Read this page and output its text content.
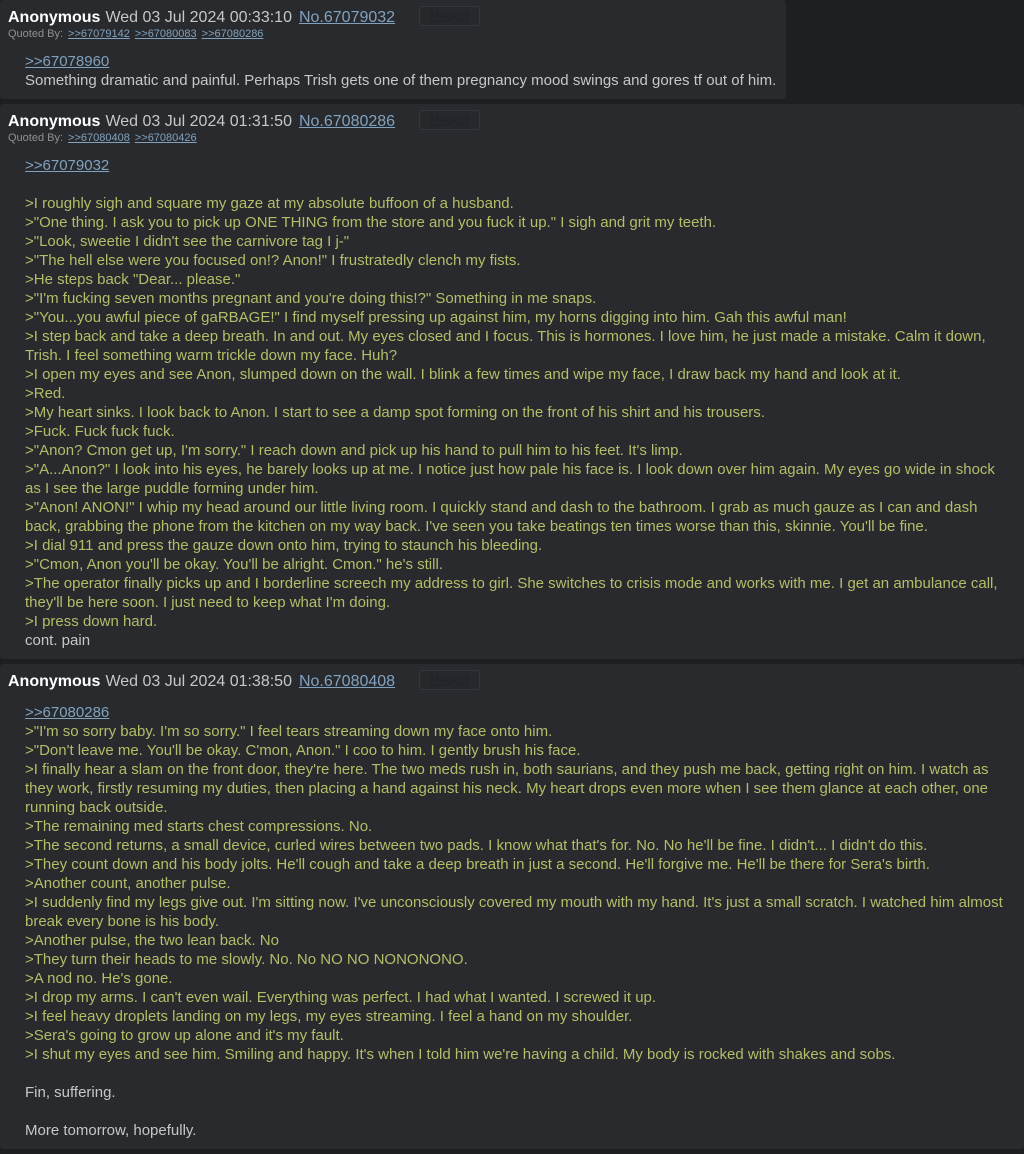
Anonymous Wed 03 Jul 2024 00:33:10 No.67079032	Report
Quoted By: >>67079142 >>67080083 >>67080286
>>67078960
Something dramatic and painful. Perhaps Trish gets one of them pregnancy mood swings and gores tf out of him.

Anonymous Wed 03 Jul 2024 01:31:50 No.67080286	Report
Quoted By: >>67080408 >>67080426
>>67079032
>I roughly sigh and square my gaze at my absolute buffoon of a husband.
>"One thing. I ask you to pick up ONE THING from the store and you fuck it up." I sigh and grit my teeth.
>"Look, sweetie I didn't see the carnivore tag I j-"
>"The hell else were you focused on!? Anon!" I frustratedly clench my fists.
>He steps back "Dear... please."
>"I'm fucking seven months pregnant and you're doing this!?" Something in me snaps.
>"You...you awful piece of gaRBAGE!" I find myself pressing up against him, my horns digging into him. Gah this awful man!
>I step back and take a deep breath. In and out. My eyes closed and I focus. This is hormones. I love him, he just made a mistake. Calm it down, Trish. I feel something warm trickle down my face. Huh?
>I open my eyes and see Anon, slumped down on the wall. I blink a few times and wipe my face, I draw back my hand and look at it.
>Red.
>My heart sinks. I look back to Anon. I start to see a damp spot forming on the front of his shirt and his trousers.
>Fuck. Fuck fuck fuck.
>"Anon? Cmon get up, I'm sorry." I reach down and pick up his hand to pull him to his feet. It's limp.
>"A...Anon?" I look into his eyes, he barely looks up at me. I notice just how pale his face is. I look down over him again. My eyes go wide in shock as I see the large puddle forming under him.
>"Anon! ANON!" I whip my head around our little living room. I quickly stand and dash to the bathroom. I grab as much gauze as I can and dash back, grabbing the phone from the kitchen on my way back. I've seen you take beatings ten times worse than this, skinnie. You'll be fine.
>I dial 911 and press the gauze down onto him, trying to staunch his bleeding.
>"Cmon, Anon you'll be okay. You'll be alright. Cmon." he's still.
>The operator finally picks up and I borderline screech my address to girl. She switches to crisis mode and works with me. I get an ambulance call, they'll be here soon. I just need to keep what I'm doing.
>I press down hard.
cont. pain

Anonymous Wed 03 Jul 2024 01:38:50 No.67080408	Report
>>67080286
>"I'm so sorry baby. I'm so sorry." I feel tears streaming down my face onto him.
>"Don't leave me. You'll be okay. C'mon, Anon." I coo to him. I gently brush his face.
>I finally hear a slam on the front door, they're here. The two meds rush in, both saurians, and they push me back, getting right on him. I watch as they work, firstly resuming my duties, then placing a hand against his neck. My heart drops even more when I see them glance at each other, one running back outside.
>The remaining med starts chest compressions. No.
>The second returns, a small device, curled wires between two pads. I know what that's for. No. No he'll be fine. I didn't... I didn't do this.
>They count down and his body jolts. He'll cough and take a deep breath in just a second. He'll forgive me. He'll be there for Sera's birth.
>Another count, another pulse.
>I suddenly find my legs give out. I'm sitting now. I've unconsciously covered my mouth with my hand. It's just a small scratch. I watched him almost break every bone is his body.
>Another pulse, the two lean back. No
>They turn their heads to me slowly. No. No NO NO NONONONO.
>A nod no. He's gone.
>I drop my arms. I can't even wail. Everything was perfect. I had what I wanted. I screwed it up.
>I feel heavy droplets landing on my legs, my eyes streaming. I feel a hand on my shoulder.
>Sera's going to grow up alone and it's my fault.
>I shut my eyes and see him. Smiling and happy. It's when I told him we're having a child. My body is rocked with shakes and sobs.
Fin, suffering.
More tomorrow, hopefully.
